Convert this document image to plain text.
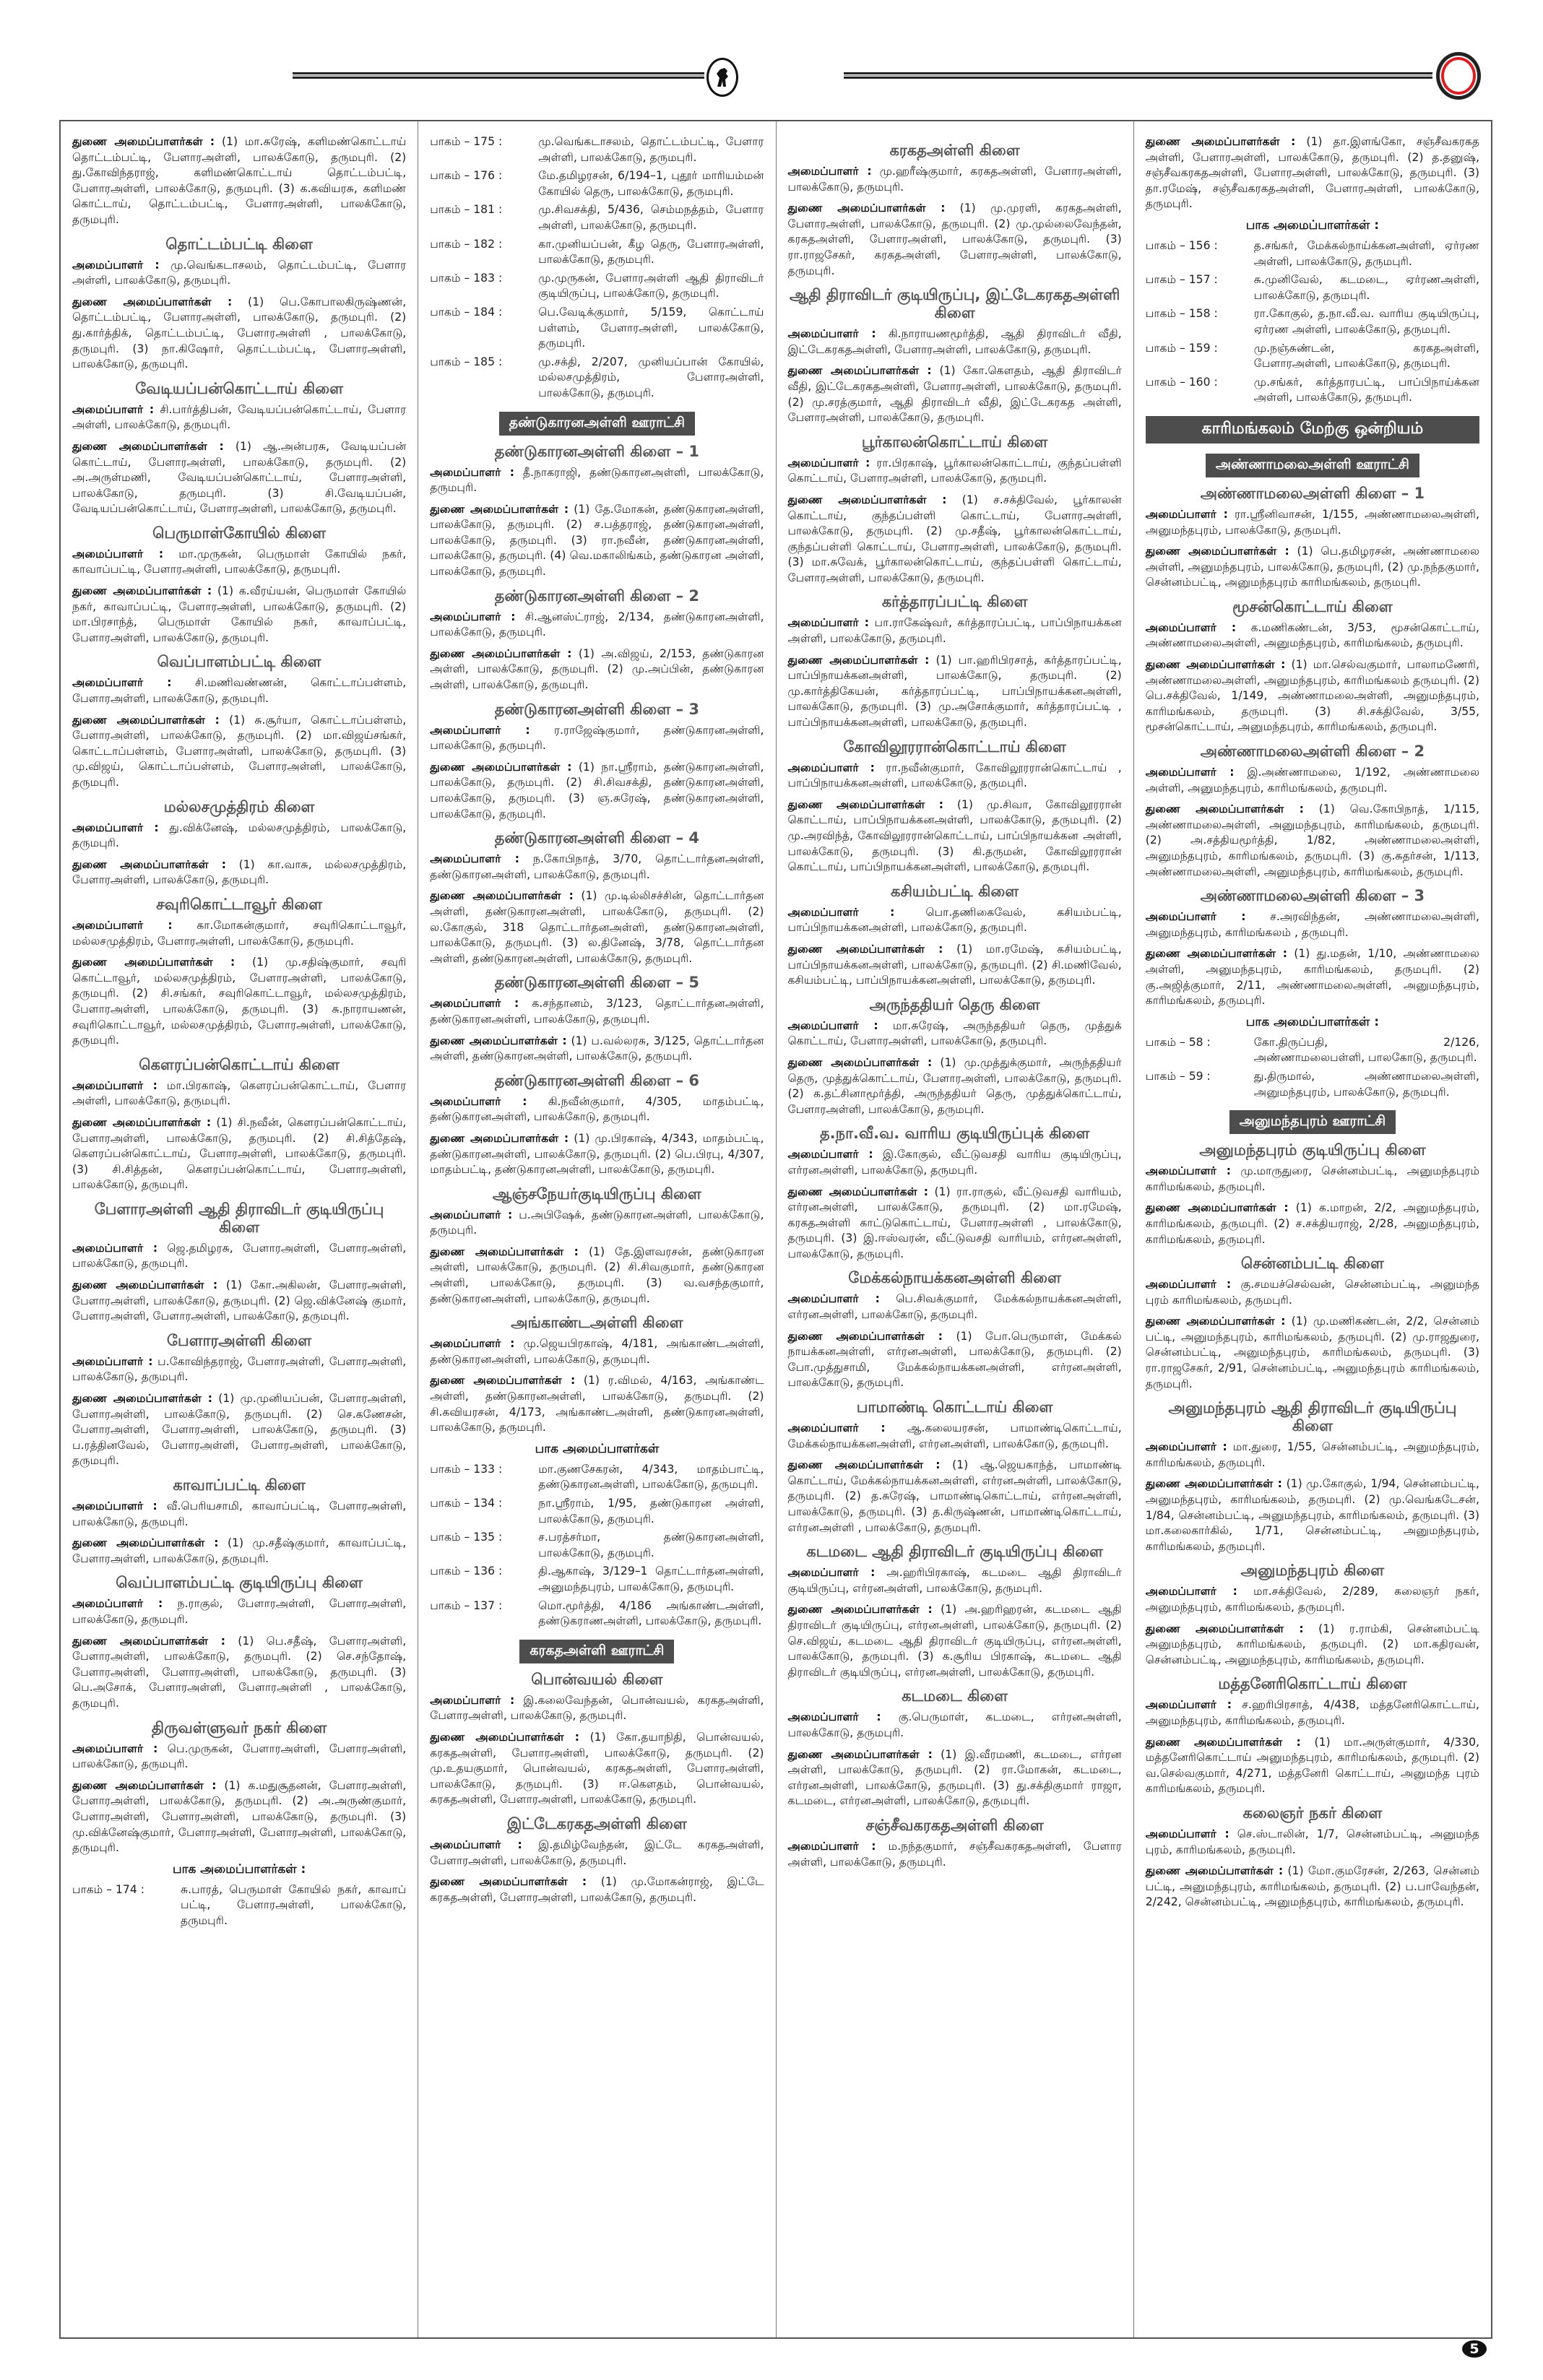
துணை அமைப்பாளர்கள் : (1) மா.சுரேஷ், களிமண்கொட்டாய் தொட்டம்பட்டி, பேளாரஅள்ளி, பாலக்கோடு, தருமபுரி. (2) து.கோவிந்தராஜ், களிமண்கொட்டாய் தொட்டம்பட்டி, பேளாரஅள்ளி, பாலக்கோடு, தருமபுரி. (3) க.கவியரசு, களிமண் கொட்டாய், தொட்டம்பட்டி, பேளாரஅள்ளி, பாலக்கோடு, தருமபுரி.

தொட்டம்பட்டி கிளை

அமைப்பாளர் : மு.வெங்கடாசலம், தொட்டம்பட்டி, பேளார அள்ளி, பாலக்கோடு, தருமபுரி.

துணை அமைப்பாளர்கள் : (1) பெ.கோபாலகிருஷ்ணன், தொட்டம்பட்டி, பேளாரஅள்ளி, பாலக்கோடு, தருமபுரி. (2) து.கார்த்திக், தொட்டம்பட்டி, பேளாரஅள்ளி , பாலக்கோடு, தருமபுரி. (3) நா.கிஷோர், தொட்டம்பட்டி, பேளாரஅள்ளி, பாலக்கோடு, தருமபுரி.

வேடியப்பன்கொட்டாய் கிளை

அமைப்பாளர் : சி.பார்த்திபன், வேடியப்பன்கொட்டாய், பேளார அள்ளி, பாலக்கோடு, தருமபுரி.

துணை அமைப்பாளர்கள் : (1) ஆ.அன்பரசு, வேடியப்பன் கொட்டாய், பேளாரஅள்ளி, பாலக்கோடு, தருமபுரி. (2) அ.அருள்மணி, வேடியப்பன்கொட்டாய், பேளாரஅள்ளி, பாலக்கோடு, தருமபுரி. (3) சி.வேடியப்பன், வேடியப்பன்கொட்டாய், பேளாரஅள்ளி, பாலக்கோடு, தருமபுரி.

பெருமாள்கோயில் கிளை

அமைப்பாளர் : மா.முருகன், பெருமாள் கோயில் நகர், காவாப்பட்டி, பேளாரஅள்ளி, பாலக்கோடு, தருமபுரி.

துணை அமைப்பாளர்கள் : (1) க.வீரய்யன், பெருமாள் கோயில் நகர், காவாப்பட்டி, பேளாரஅள்ளி, பாலக்கோடு, தருமபுரி. (2) மா.பிரசாந்த், பெருமாள் கோயில் நகர், காவாப்பட்டி, பேளாரஅள்ளி, பாலக்கோடு, தருமபுரி.

வெப்பாளம்பட்டி கிளை

அமைப்பாளர் : சி.மணிவண்ணன், கொட்டாப்பள்ளம், பேளாரஅள்ளி, பாலக்கோடு, தருமபுரி.

துணை அமைப்பாளர்கள் : (1) சு.சூர்யா, கொட்டாப்பள்ளம், பேளாரஅள்ளி, பாலக்கோடு, தருமபுரி. (2) மா.விஜய்சங்கர், கொட்டாப்பள்ளம், பேளாரஅள்ளி, பாலக்கோடு, தருமபுரி. (3) மு.விஜய், கொட்டாப்பள்ளம், பேளாரஅள்ளி, பாலக்கோடு, தருமபுரி.

மல்லசமுத்திரம் கிளை

அமைப்பாளர் : து.விக்னேஷ், மல்லசமுத்திரம், பாலக்கோடு, தருமபுரி.

துணை அமைப்பாளர்கள் : (1) கா.வாசு, மல்லசமுத்திரம், பேளாரஅள்ளி, பாலக்கோடு, தருமபுரி.

சவுரிகொட்டாவூர் கிளை

அமைப்பாளர் : கா.மோகன்குமார், சவுரிகொட்டாவூர், மல்லசமுத்திரம், பேளாரஅள்ளி, பாலக்கோடு, தருமபுரி.

துணை அமைப்பாளர்கள் : (1) மு.சதிஷ்குமார், சவுரி கொட்டாவூர், மல்லசமுத்திரம், பேளாரஅள்ளி, பாலக்கோடு, தருமபுரி. (2) சி.சங்கர், சவுரிகொட்டாவூர், மல்லசமுத்திரம், பேளாரஅள்ளி, பாலக்கோடு, தருமபுரி. (3) சு.நாராயணன், சவுரிகொட்டாவூர், மல்லசமுத்திரம், பேளாரஅள்ளி, பாலக்கோடு, தருமபுரி.

கௌரப்பன்கொட்டாய் கிளை

அமைப்பாளர் : மா.பிரகாஷ், கௌரப்பன்கொட்டாய், பேளார அள்ளி, பாலக்கோடு, தருமபுரி.

துணை அமைப்பாளர்கள் : (1) சி.நவீன், கௌரப்பன்கொட்டாய், பேளாரஅள்ளி, பாலக்கோடு, தருமபுரி. (2) சி.சித்தேஷ், கௌரப்பன்கொட்டாய், பேளாரஅள்ளி, பாலக்கோடு, தருமபுரி. (3) சி.சித்தன், கௌரப்பன்கொட்டாய், பேளாரஅள்ளி, பாலக்கோடு, தருமபுரி.

பேளாரஅள்ளி ஆதி திராவிடர் குடியிருப்பு கிளை

அமைப்பாளர் : ஜெ.தமிழரசு, பேளாரஅள்ளி, பேளாரஅள்ளி, பாலக்கோடு, தருமபுரி.

துணை அமைப்பாளர்கள் : (1) கோ.அகிலன், பேளாரஅள்ளி, பேளாரஅள்ளி, பாலக்கோடு, தருமபுரி. (2) ஜெ.விக்னேஷ் குமார், பேளாரஅள்ளி, பேளாரஅள்ளி, பாலக்கோடு, தருமபுரி.

பேளாரஅள்ளி கிளை

அமைப்பாளர் : ப.கோவிந்தராஜ், பேளாரஅள்ளி, பேளாரஅள்ளி, பாலக்கோடு, தருமபுரி.

துணை அமைப்பாளர்கள் : (1) மு.முனியப்பன், பேளாரஅள்ளி, பேளாரஅள்ளி, பாலக்கோடு, தருமபுரி. (2) செ.கணேசன், பேளாரஅள்ளி, பேளாரஅள்ளி, பாலக்கோடு, தருமபுரி. (3) ப.ரத்தினவேல், பேளாரஅள்ளி, பேளாரஅள்ளி, பாலக்கோடு, தருமபுரி.

காவாப்பட்டி கிளை

அமைப்பாளர் : வீ.பெரியசாமி, காவாப்பட்டி, பேளாரஅள்ளி, பாலக்கோடு, தருமபுரி.

துணை அமைப்பாளர்கள் : (1) மு.சதீஷ்குமார், காவாப்பட்டி, பேளாரஅள்ளி, பாலக்கோடு, தருமபுரி.

வெப்பாளம்பட்டி குடியிருப்பு கிளை

அமைப்பாளர் : ந.ராகுல், பேளாரஅள்ளி, பேளாரஅள்ளி, பாலக்கோடு, தருமபுரி.

துணை அமைப்பாளர்கள் : (1) பெ.சதீஷ், பேளாரஅள்ளி, பேளாரஅள்ளி, பாலக்கோடு, தருமபுரி. (2) செ.சந்தோஷ், பேளாரஅள்ளி, பேளாரஅள்ளி, பாலக்கோடு, தருமபுரி. (3) பெ.அசோக், பேளாரஅள்ளி, பேளாரஅள்ளி , பாலக்கோடு, தருமபுரி.

திருவள்ளுவர் நகர் கிளை

அமைப்பாளர் : பெ.முருகன், பேளாரஅள்ளி, பேளாரஅள்ளி, பாலக்கோடு, தருமபுரி.

துணை அமைப்பாளர்கள் : (1) க.மதுசூதனன், பேளாரஅள்ளி, பேளாரஅள்ளி, பாலக்கோடு, தருமபுரி. (2) அ.அருண்குமார், பேளாரஅள்ளி, பேளாரஅள்ளி, பாலக்கோடு, தருமபுரி. (3) மு.விக்னேஷ்குமார், பேளாரஅள்ளி, பேளாரஅள்ளி, பாலக்கோடு, தருமபுரி.

பாக அமைப்பாளர்கள் :
பாகம் – 174 :	சு.பாரத், பெருமாள் கோயில் நகர், காவாப் பட்டி, பேளாரஅள்ளி, பாலக்கோடு, தருமபுரி.
பாகம் – 175 :	மு.வெங்கடாசலம், தொட்டம்பட்டி, பேளார அள்ளி, பாலக்கோடு, தருமபுரி.
பாகம் – 176 :	மே.தமிழரசன், 6/194–1, புதூர் மாரியம்மன் கோயில் தெரு, பாலக்கோடு, தருமபுரி.
பாகம் – 181 :	மு.சிவசக்தி, 5/436, செம்மநத்தம், பேளார அள்ளி, பாலக்கோடு, தருமபுரி.
பாகம் – 182 :	கா.முனியப்பன், கீழ தெரு, பேளாரஅள்ளி, பாலக்கோடு, தருமபுரி.
பாகம் – 183 :	மு.முருகன், பேளாரஅள்ளி ஆதி திராவிடர் குடியிருப்பு, பாலக்கோடு, தருமபுரி.
பாகம் – 184 :	பெ.வேடிக்குமார், 5/159, கொட்டாய் பள்ளம், பேளாரஅள்ளி, பாலக்கோடு, தருமபுரி.
பாகம் – 185 :	மு.சக்தி, 2/207, முனியப்பான் கோயில், மல்லசமுத்திரம், பேளாரஅள்ளி, பாலக்கோடு, தருமபுரி.
தண்டுகாரனஅள்ளி ஊராட்சி
தண்டுகாரனஅள்ளி கிளை – 1

அமைப்பாளர் : தீ.நாகராஜி, தண்டுகாரனஅள்ளி, பாலக்கோடு, தருமபுரி.

துணை அமைப்பாளர்கள் : (1) தே.மோகன், தண்டுகாரனஅள்ளி, பாலக்கோடு, தருமபுரி. (2) ச.பத்தராஜ், தண்டுகாரனஅள்ளி, பாலக்கோடு, தருமபுரி. (3) ரா.நவீன், தண்டுகாரனஅள்ளி, பாலக்கோடு, தருமபுரி. (4) வெ.மகாலிங்கம், தண்டுகாரன அள்ளி, பாலக்கோடு, தருமபுரி.

தண்டுகாரனஅள்ளி கிளை – 2

அமைப்பாளர் : சி.ஆனஸ்ட்ராஜ், 2/134, தண்டுகாரனஅள்ளி, பாலக்கோடு, தருமபுரி.

துணை அமைப்பாளர்கள் : (1) அ.விஜய், 2/153, தண்டுகாரன அள்ளி, பாலக்கோடு, தருமபுரி. (2) மு.அப்பின், தண்டுகாரன அள்ளி, பாலக்கோடு, தருமபுரி.

தண்டுகாரனஅள்ளி கிளை – 3

அமைப்பாளர் : ர.ராஜேஷ்குமார், தண்டுகாரனஅள்ளி, பாலக்கோடு, தருமபுரி.

துணை அமைப்பாளர்கள் : (1) நா.ஸ்ரீராம், தண்டுகாரனஅள்ளி, பாலக்கோடு, தருமபுரி. (2) சி.சிவசக்தி, தண்டுகாரனஅள்ளி, பாலக்கோடு, தருமபுரி. (3) ஞ.சுரேஷ், தண்டுகாரனஅள்ளி, பாலக்கோடு, தருமபுரி.

தண்டுகாரனஅள்ளி கிளை – 4

அமைப்பாளர் : ந.கோபிநாத், 3/70, தொட்டார்தனஅள்ளி, தண்டுகாரனஅள்ளி, பாலக்கோடு, தருமபுரி.

துணை அமைப்பாளர்கள் : (1) மு.டில்லிசச்சின், தொட்டார்தன அள்ளி, தண்டுகாரனஅள்ளி, பாலக்கோடு, தருமபுரி. (2) ல.கோகுல், 318 தொட்டார்தனஅள்ளி, தண்டுகாரனஅள்ளி, பாலக்கோடு, தருமபுரி. (3) ல.தினேஷ், 3/78, தொட்டார்தன அள்ளி, தண்டுகாரனஅள்ளி, பாலக்கோடு, தருமபுரி.

தண்டுகாரனஅள்ளி கிளை – 5

அமைப்பாளர் : க.சந்தானம், 3/123, தொட்டார்தனஅள்ளி, தண்டுகாரனஅள்ளி, பாலக்கோடு, தருமபுரி.

துணை அமைப்பாளர்கள் : (1) ப.வல்லரசு, 3/125, தொட்டார்தன அள்ளி, தண்டுகாரனஅள்ளி, பாலக்கோடு, தருமபுரி.

தண்டுகாரனஅள்ளி கிளை – 6

அமைப்பாளர் : கி.நவீன்குமார், 4/305, மாதம்பட்டி, தண்டுகாரனஅள்ளி, பாலக்கோடு, தருமபுரி.

துணை அமைப்பாளர்கள் : (1) மு.பிரகாஷ், 4/343, மாதம்பட்டி, தண்டுகாரனஅள்ளி, பாலக்கோடு, தருமபுரி. (2) பெ.பிரபு, 4/307, மாதம்பட்டி, தண்டுகாரனஅள்ளி, பாலக்கோடு, தருமபுரி.

ஆஞ்சநேயர்குடியிருப்பு கிளை

அமைப்பாளர் : ப.அபிஷேக், தண்டுகாரனஅள்ளி, பாலக்கோடு, தருமபுரி.

துணை அமைப்பாளர்கள் : (1) தே.இளவரசன், தண்டுகாரன அள்ளி, பாலக்கோடு, தருமபுரி. (2) சி.சிவகுமார், தண்டுகாரன அள்ளி, பாலக்கோடு, தருமபுரி. (3) வ.வசந்தகுமார், தண்டுகாரனஅள்ளி, பாலக்கோடு, தருமபுரி.

அங்காண்டஅள்ளி கிளை

அமைப்பாளர் : மு.ஜெயபிரகாஷ், 4/181, அங்காண்டஅள்ளி, தண்டுகாரனஅள்ளி, பாலக்கோடு, தருமபுரி.

துணை அமைப்பாளர்கள் : (1) ர.விமல், 4/163, அங்காண்ட அள்ளி, தண்டுகாரனஅள்ளி, பாலக்கோடு, தருமபுரி. (2) சி.கவியரசன், 4/173, அங்காண்டஅள்ளி, தண்டுகாரனஅள்ளி, பாலக்கோடு, தருமபுரி.

பாக அமைப்பாளர்கள்
பாகம் – 133 :	மா.குணசேகரன், 4/343, மாதம்பாட்டி, தண்டுகாரனஅள்ளி, பாலக்கோடு, தருமபுரி.
பாகம் – 134 :	நா.ஸ்ரீராம், 1/95, தண்டுகாரன அள்ளி, பாலக்கோடு, தருமபுரி.
பாகம் – 135 :	ச.பரத்சர்மா, தண்டுகாரனஅள்ளி, பாலக்கோடு, தருமபுரி.
பாகம் – 136 :	தி.ஆகாஷ், 3/129–1 தொட்டார்தனஅள்ளி, அனுமந்தபுரம், பாலக்கோடு, தருமபுரி.
பாகம் – 137 :	மொ.மூர்த்தி, 4/186 அங்காண்டஅள்ளி, தண்டுகராணஅள்ளி, பாலக்கோடு, தருமபுரி.
கரகதஅள்ளி ஊராட்சி
பொன்வயல் கிளை

அமைப்பாளர் : இ.கலைவேந்தன், பொன்வயல், கரகதஅள்ளி, பேளாரஅள்ளி, பாலக்கோடு, தருமபுரி.

துணை அமைப்பாளர்கள் : (1) கோ.தயாநிதி, பொன்வயல், கரகதஅள்ளி, பேளாரஅள்ளி, பாலக்கோடு, தருமபுரி. (2) மு.உதயகுமார், பொன்வயல், கரகதஅள்ளி, பேளாரஅள்ளி, பாலக்கோடு, தருமபுரி. (3) ஈ.கௌதம், பொன்வயல், கரகதஅள்ளி, பேளாரஅள்ளி, பாலக்கோடு, தருமபுரி.

இட்டேகரகதஅள்ளி கிளை

அமைப்பாளர் : இ.தமிழ்வேந்தன், இட்டே கரகதஅள்ளி, பேளாரஅள்ளி, பாலக்கோடு, தருமபுரி.

துணை அமைப்பாளர்கள் : (1) மு.மோகன்ராஜ், இட்டே கரகதஅள்ளி, பேளாரஅள்ளி, பாலக்கோடு, தருமபுரி.

கரகதஅள்ளி கிளை

அமைப்பாளர் : மு.ஹரீஷ்குமார், கரகதஅள்ளி, பேளாரஅள்ளி, பாலக்கோடு, தருமபுரி.

துணை அமைப்பாளர்கள் : (1) மு.முரளி, கரகதஅள்ளி, பேளாரஅள்ளி, பாலக்கோடு, தருமபுரி. (2) மு.முல்லைவேந்தன், கரகதஅள்ளி, பேளாரஅள்ளி, பாலக்கோடு, தருமபுரி. (3) ரா.ராஜசேகர், கரகதஅள்ளி, பேளாரஅள்ளி, பாலக்கோடு, தருமபுரி.

ஆதி திராவிடர் குடியிருப்பு, இட்டேகரகதஅள்ளி கிளை

அமைப்பாளர் : கி.நாராயணமூர்த்தி, ஆதி திராவிடர் வீதி, இட்டேகரகதஅள்ளி, பேளாரஅள்ளி, பாலக்கோடு, தருமபுரி.

துணை அமைப்பாளர்கள் : (1) கோ.கௌதம், ஆதி திராவிடர் வீதி, இட்டேகரகதஅள்ளி, பேளாரஅள்ளி, பாலக்கோடு, தருமபுரி. (2) மு.சரத்குமார், ஆதி திராவிடர் வீதி, இட்டேகரகத அள்ளி, பேளாரஅள்ளி, பாலக்கோடு, தருமபுரி.

பூர்காலன்கொட்டாய் கிளை

அமைப்பாளர் : ரா.பிரகாஷ், பூர்காலன்கொட்டாய், குந்தப்பள்ளி கொட்டாய், பேளாரஅள்ளி, பாலக்கோடு, தருமபுரி.

துணை அமைப்பாளர்கள் : (1) ச.சக்திவேல், பூர்காலன் கொட்டாய், குந்தப்பள்ளி கொட்டாய், பேளாரஅள்ளி, பாலக்கோடு, தருமபுரி. (2) மு.சதீஷ், பூர்காலன்கொட்டாய், குந்தப்பள்ளி கொட்டாய், பேளாரஅள்ளி, பாலக்கோடு, தருமபுரி. (3) மா.சுவேக், பூர்காலன்கொட்டாய், குந்தப்பள்ளி கொட்டாய், பேளாரஅள்ளி, பாலக்கோடு, தருமபுரி.

கர்த்தாரப்பட்டி கிளை

அமைப்பாளர் : பா.ராகேஷ்வர், கர்த்தாரப்பட்டி, பாப்பிநாயக்கன அள்ளி, பாலக்கோடு, தருமபுரி.

துணை அமைப்பாளர்கள் : (1) பா.ஹரிபிரசாத், கர்த்தாரப்பட்டி, பாப்பிநாயக்கனஅள்ளி, பாலக்கோடு, தருமபுரி. (2) மு.கார்த்திகேயன், கர்த்தாரப்பட்டி, பாப்பிநாயக்கனஅள்ளி, பாலக்கோடு, தருமபுரி. (3) மு.அசோக்குமார், கர்த்தாரப்பட்டி , பாப்பிநாயக்கனஅள்ளி, பாலக்கோடு, தருமபுரி.

கோவிலூரரான்கொட்டாய் கிளை

அமைப்பாளர் : ரா.நவீன்குமார், கோவிலூரரான்கொட்டாய் , பாப்பிநாயக்கனஅள்ளி, பாலக்கோடு, தருமபுரி.

துணை அமைப்பாளர்கள் : (1) மு.சிவா, கோவிலூரரான் கொட்டாய், பாப்பிநாயக்கனஅள்ளி, பாலக்கோடு, தருமபுரி. (2) மு.அரவிந்த், கோவிலூரரான்கொட்டாய், பாப்பிநாயக்கன அள்ளி, பாலக்கோடு, தருமபுரி. (3) கி.தருமன், கோவிலூரரான் கொட்டாய், பாப்பிநாயக்கனஅள்ளி, பாலக்கோடு, தருமபுரி.

கசியம்பட்டி கிளை

அமைப்பாளர் : பொ.தணிகைவேல், கசியம்பட்டி, பாப்பிநாயக்கனஅள்ளி, பாலக்கோடு, தருமபுரி.

துணை அமைப்பாளர்கள் : (1) மா.ரமேஷ், கசியம்பட்டி, பாப்பிநாயக்கனஅள்ளி, பாலக்கோடு, தருமபுரி. (2) சி.மணிவேல், கசியம்பட்டி, பாப்பிநாயக்கனஅள்ளி, பாலக்கோடு, தருமபுரி.

அருந்ததியர் தெரு கிளை

அமைப்பாளர் : மா.சுரேஷ், அருந்ததியர் தெரு, முத்துக் கொட்டாய், பேளாரஅள்ளி, பாலக்கோடு, தருமபுரி.

துணை அமைப்பாளர்கள் : (1) மு.முத்துக்குமார், அருந்ததியர் தெரு, முத்துக்கொட்டாய், பேளாரஅள்ளி, பாலக்கோடு, தருமபுரி. (2) க.தட்சினாமூர்த்தி, அருந்ததியர் தெரு, முத்துக்கொட்டாய், பேளாரஅள்ளி, பாலக்கோடு, தருமபுரி.

த.நா.வீ.வ. வாரிய குடியிருப்புக் கிளை

அமைப்பாளர் : இ.கோகுல், வீட்டுவசதி வாரிய குடியிருப்பு, எர்ரனஅள்ளி, பாலக்கோடு, தருமபுரி.

துணை அமைப்பாளர்கள் : (1) ரா.ராகுல், வீட்டுவசதி வாரியம், எர்ரனஅள்ளி, பாலக்கோடு, தருமபுரி. (2) மா.ரமேஷ், கரகதஅள்ளி காட்டுகொட்டாய், பேளாரஅள்ளி , பாலக்கோடு, தருமபுரி. (3) இ.ஈஸ்வரன், வீட்டுவசதி வாரியம், எர்ரனஅள்ளி, பாலக்கோடு, தருமபுரி.

மேக்கல்நாயக்கனஅள்ளி கிளை

அமைப்பாளர் : பெ.சிவக்குமார், மேக்கல்நாயக்கனஅள்ளி, எர்ரனஅள்ளி, பாலக்கோடு, தருமபுரி.

துணை அமைப்பாளர்கள் : (1) போ.பெருமாள், மேக்கல் நாயக்கனஅள்ளி, எர்ரனஅள்ளி, பாலக்கோடு, தருமபுரி. (2) போ.முத்துசாமி, மேக்கல்நாயக்கனஅள்ளி, எர்ரனஅள்ளி, பாலக்கோடு, தருமபுரி.

பாமாண்டி கொட்டாய் கிளை

அமைப்பாளர் : ஆ.கலையரசன், பாமாண்டிகொட்டாய், மேக்கல்நாயக்கனஅள்ளி, எர்ரனஅள்ளி, பாலக்கோடு, தருமபுரி.

துணை அமைப்பாளர்கள் : (1) ஆ.ஜெயகாந்த், பாமாண்டி கொட்டாய், மேக்கல்நாயக்கனஅள்ளி, எர்ரனஅள்ளி, பாலக்கோடு, தருமபுரி. (2) த.சுரேஷ், பாமாண்டிகொட்டாய், எர்ரனஅள்ளி, பாலக்கோடு, தருமபுரி. (3) த.கிருஷ்ணன், பாமாண்டிகொட்டாய், எர்ரனஅள்ளி , பாலக்கோடு, தருமபுரி.

கடமடை ஆதி திராவிடர் குடியிருப்பு கிளை

அமைப்பாளர் : அ.ஹரிபிரகாஷ், கடமடை ஆதி திராவிடர் குடியிருப்பு, எர்ரனஅள்ளி, பாலக்கோடு, தருமபுரி.

துணை அமைப்பாளர்கள் : (1) அ.ஹரிஹரன், கடமடை ஆதி திராவிடர் குடியிருப்பு, எர்ரனஅள்ளி, பாலக்கோடு, தருமபுரி. (2) செ.விஜய், கடமடை ஆதி திராவிடர் குடியிருப்பு, எர்ரனஅள்ளி, பாலக்கோடு, தருமபுரி. (3) க.சூரிய பிரகாஷ், கடமடை ஆதி திராவிடர் குடியிருப்பு, எர்ரனஅள்ளி, பாலக்கோடு, தருமபுரி.

கடமடை கிளை

அமைப்பாளர் : கு.பெருமாள், கடமடை, எர்ரனஅள்ளி, பாலக்கோடு, தருமபுரி.

துணை அமைப்பாளர்கள் : (1) இ.வீரமணி, கடமடை, எர்ரன அள்ளி, பாலக்கோடு, தருமபுரி. (2) ரா.மோகன், கடமடை, எர்ரனஅள்ளி, பாலக்கோடு, தருமபுரி. (3) து.சக்திகுமார் ராஜா, கடமடை, எர்ரனஅள்ளி, பாலக்கோடு, தருமபுரி.

சஞ்சீவகரகதஅள்ளி கிளை

அமைப்பாளர் : ம.நந்தகுமார், சஞ்சீவகரகதஅள்ளி, பேளார அள்ளி, பாலக்கோடு, தருமபுரி.

துணை அமைப்பாளர்கள் : (1) தா.இளங்கோ, சஞ்சீவகரகத அள்ளி, பேளாரஅள்ளி, பாலக்கோடு, தருமபுரி. (2) த.தனுஷ், சஞ்சீவகரகதஅள்ளி, பேளாரஅள்ளி, பாலக்கோடு, தருமபுரி. (3) தா.ரமேஷ், சஞ்சீவகரகதஅள்ளி, பேளாரஅள்ளி, பாலக்கோடு, தருமபுரி.

பாக அமைப்பாளர்கள் :
பாகம் – 156 :	த.சங்கர், மேக்கல்நாய்க்கனஅள்ளி, ஏர்ரண அள்ளி, பாலக்கோடு, தருமபுரி.
பாகம் – 157 :	சு.முனிவேல், கடமடை, ஏர்ரணஅள்ளி, பாலக்கோடு, தருமபுரி.
பாகம் – 158 :	ரா.கோகுல், த.நா.வீ.வ. வாரிய குடியிருப்பு, ஏர்ரண அள்ளி, பாலக்கோடு, தருமபுரி.
பாகம் – 159 :	மு.நஞ்சுண்டன், கரகதஅள்ளி, பேளாரஅள்ளி, பாலக்கோடு, தருமபுரி.
பாகம் – 160 :	மு.சங்கர், கர்த்தாரபட்டி, பாப்பிநாய்க்கன அள்ளி, பாலக்கோடு, தருமபுரி.
காரிமங்கலம் மேற்கு ஒன்றியம்
அண்ணாமலைஅள்ளி ஊராட்சி
அண்ணாமலைஅள்ளி கிளை – 1

அமைப்பாளர் : ரா.ஸ்ரீனிவாசன், 1/155, அண்ணாமலைஅள்ளி, அனுமந்தபுரம், பாலக்கோடு, தருமபுரி.

துணை அமைப்பாளர்கள் : (1) பெ.தமிழரசன், அண்ணாமலை அள்ளி, அனுமந்தபுரம், பாலக்கோடு, தருமபுரி, (2) மு.நந்தகுமார், சென்னம்பட்டி, அனுமந்தபுரம் காரிமங்கலம், தருமபுரி.

மூசன்கொட்டாய் கிளை

அமைப்பாளர் : க.மணிகண்டன், 3/53, மூசன்கொட்டாய், அண்ணாமலைஅள்ளி, அனுமந்தபுரம், காரிமங்கலம், தருமபுரி.

துணை அமைப்பாளர்கள் : (1) மா.செல்வகுமார், பாலாமணேரி, அண்ணாமலைஅள்ளி, அனுமந்தபுரம், காரிமங்கலம் தருமபுரி. (2) பெ.சக்திவேல், 1/149, அண்ணாமலைஅள்ளி, அனுமந்தபுரம், காரிமங்கலம், தருமபுரி. (3) சி.சக்திவேல், 3/55, மூசன்கொட்டாய், அனுமந்தபுரம், காரிமங்கலம், தருமபுரி.

அண்ணாமலைஅள்ளி கிளை – 2

அமைப்பாளர் : இ.அண்ணாமலை, 1/192, அண்ணாமலை அள்ளி, அனுமந்தபுரம், காரிமங்கலம், தருமபுரி.

துணை அமைப்பாளர்கள் : (1) வெ.கோபிநாத், 1/115, அண்ணாமலைஅள்ளி, அனுமந்தபுரம், காரிமங்கலம், தருமபுரி. (2) அ.சத்தியமூர்த்தி, 1/82, அண்ணாமலைஅள்ளி, அனுமந்தபுரம், காரிமங்கலம், தருமபுரி. (3) கு.சுதர்சன், 1/113, அண்ணாமலைஅள்ளி, அனுமந்தபுரம், காரிமங்கலம், தருமபுரி.

அண்ணாமலைஅள்ளி கிளை – 3

அமைப்பாளர் : ச.அரவிந்தன், அண்ணாமலைஅள்ளி, அனுமந்தபுரம், காரிமங்கலம் , தருமபுரி.

துணை அமைப்பாளர்கள் : (1) து.மதன், 1/10, அண்ணாமலை அள்ளி, அனுமந்தபுரம், காரிமங்கலம், தருமபுரி. (2) கு.அஜித்குமார், 2/11, அண்ணாமலைஅள்ளி, அனுமந்தபுரம், காரிமங்கலம், தருமபுரி.

பாக அமைப்பாளர்கள் :
பாகம் – 58 :	கோ.திருப்பதி, 2/126, அண்ணாமலைபள்ளி, பாலகோடு, தருமபுரி.
பாகம் – 59 :	து.திருமால், அண்ணாமலைஅள்ளி, அனுமந்தபுரம், பாலக்கோடு, தருமபுரி.
அனுமந்தபுரம் ஊராட்சி
அனுமந்தபுரம் குடியிருப்பு கிளை

அமைப்பாளர் : மு.மாருதுரை, சென்னம்பட்டி, அனுமந்தபுரம் காரிமங்கலம், தருமபுரி.

துணை அமைப்பாளர்கள் : (1) க.மாறன், 2/2, அனுமந்தபுரம், காரிமங்கலம், தருமபுரி. (2) ச.சக்தியராஜ், 2/28, அனுமந்தபுரம், காரிமங்கலம், தருமபுரி.

சென்னம்பட்டி கிளை

அமைப்பாளர் : கு.சமயச்செல்வன், சென்னம்பட்டி, அனுமந்த புரம் காரிமங்கலம், தருமபுரி.

துணை அமைப்பாளர்கள் : (1) மு.மணிகண்டன், 2/2, சென்னம் பட்டி, அனுமந்தபுரம், காரிமங்கலம், தருமபுரி. (2) மு.ராஜதுரை, சென்னம்பட்டி, அனுமந்தபுரம், காரிமங்கலம், தருமபுரி. (3) ரா.ராஜசேகர், 2/91, சென்னம்பட்டி, அனுமந்தபுரம் காரிமங்கலம், தருமபுரி.

அனுமந்தபுரம் ஆதி திராவிடர் குடியிருப்பு கிளை

அமைப்பாளர் : மா.துரை, 1/55, சென்னம்பட்டி, அனுமந்தபுரம், காரிமங்கலம், தருமபுரி.

துணை அமைப்பாளர்கள் : (1) மு.கோகுல், 1/94, சென்னம்பட்டி, அனுமந்தபுரம், காரிமங்கலம், தருமபுரி. (2) மு.வெங்கடேசன், 1/84, சென்னம்பட்டி, அனுமந்தபுரம், காரிமங்கலம், தருமபுரி. (3) மா.கலைகார்கில், 1/71, சென்னம்பட்டி, அனுமந்தபுரம், காரிமங்கலம், தருமபுரி.

அனுமந்தபுரம் கிளை

அமைப்பாளர் : மா.சக்திவேல், 2/289, கலைஞர் நகர், அனுமந்தபுரம், காரிமங்கலம், தருமபுரி.

துணை அமைப்பாளர்கள் : (1) ர.ராம்கி, சென்னம்பட்டி அனுமந்தபுரம், காரிமங்கலம், தருமபுரி. (2) மா.கதிரவன், சென்னம்பட்டி, அனுமந்தபுரம், காரிமங்கலம், தருமபுரி.

மத்தனேரிகொட்டாய் கிளை

அமைப்பாளர் : ச.ஹரிபிரசாத், 4/438, மத்தனேரிகொட்டாய், அனுமந்தபுரம், காரிமங்கலம், தருமபுரி.

துணை அமைப்பாளர்கள் : (1) மா.அருள்குமார், 4/330, மத்தனேரிகொட்டாய் அனுமந்தபுரம், காரிமங்கலம், தருமபுரி. (2) வ.செல்வகுமார், 4/271, மத்தனேரி கொட்டாய், அனுமந்த புரம் காரிமங்கலம், தருமபுரி.

கலைஞர் நகர் கிளை

அமைப்பாளர் : செ.ஸ்டாலின், 1/7, சென்னம்பட்டி, அனுமந்த புரம், காரிமங்கலம், தருமபுரி.

துணை அமைப்பாளர்கள் : (1) மோ.குமரேசன், 2/263, சென்னம் பட்டி, அனுமந்தபுரம், காரிமங்கலம், தருமபுரி. (2) ப.பாவேந்தன், 2/242, சென்னம்பட்டி, அனுமந்தபுரம், காரிமங்கலம், தருமபுரி.

5
